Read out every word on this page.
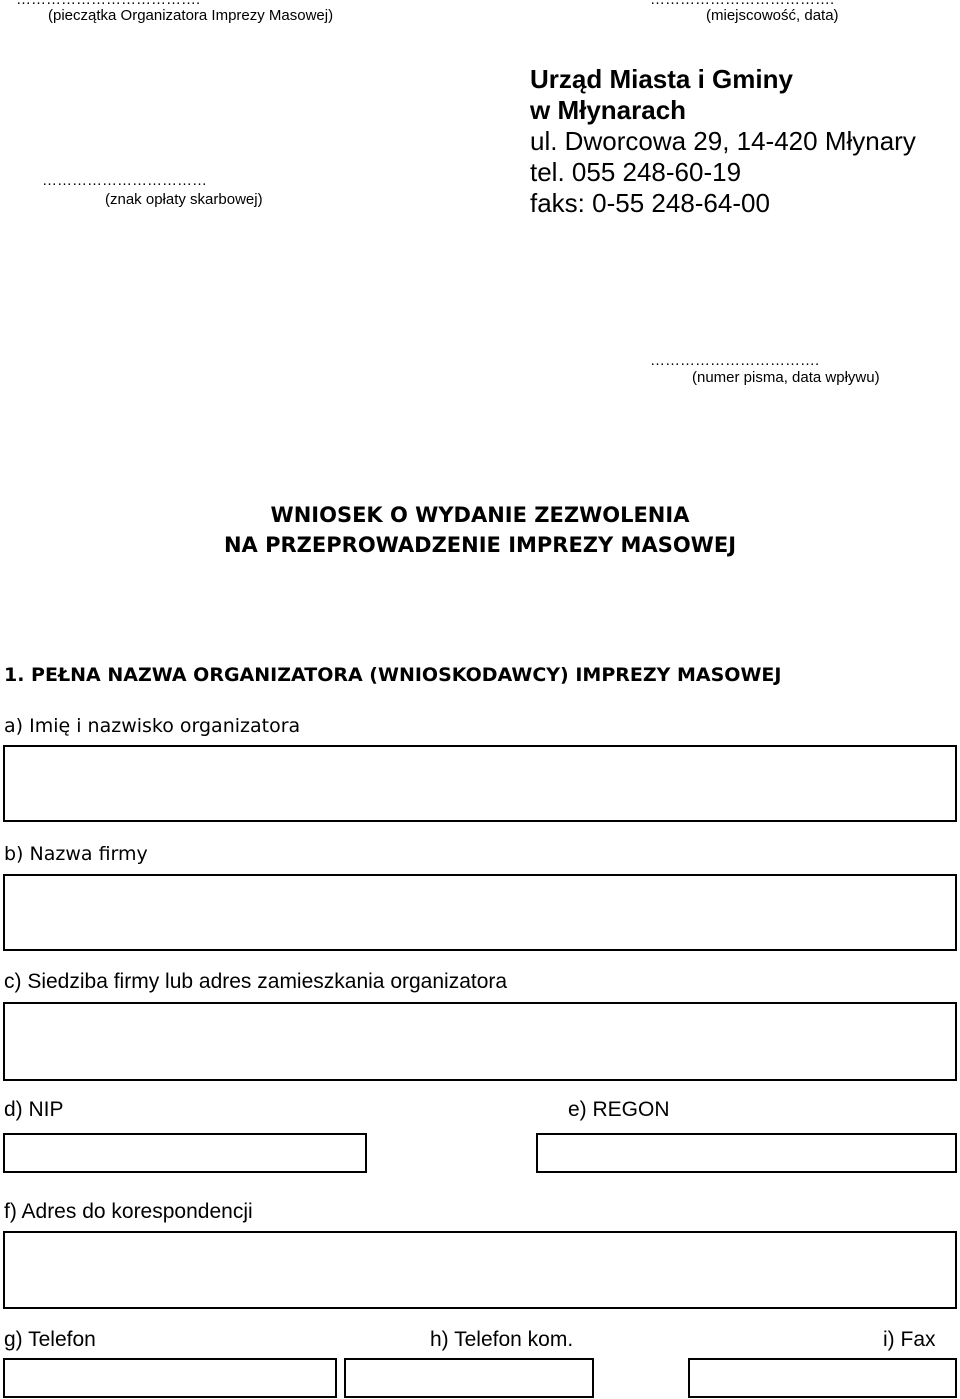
(pieczątka Organizatora Imprezy Masowej)	(miejscowość, data)
……………………………
(znak opłaty skarbowej)
Urząd Miasta i Gminy
w Młynarach
ul. Dworcowa 29, 14-420 Młynary
tel. 055 248-60-19
faks: 0-55 248-64-00
…………………………….
(numer pisma, data wpływu)
WNIOSEK O WYDANIE ZEZWOLENIA
NA PRZEPROWADZENIE IMPREZY MASOWEJ
1. PEŁNA NAZWA ORGANIZATORA (WNIOSKODAWCY) IMPREZY MASOWEJ
a) Imię i nazwisko organizatora
b) Nazwa firmy
c) Siedziba firmy lub adres zamieszkania organizatora
d) NIP	e) REGON
f) Adres do korespondencji
g) Telefon	h) Telefon kom.	i) Fax
